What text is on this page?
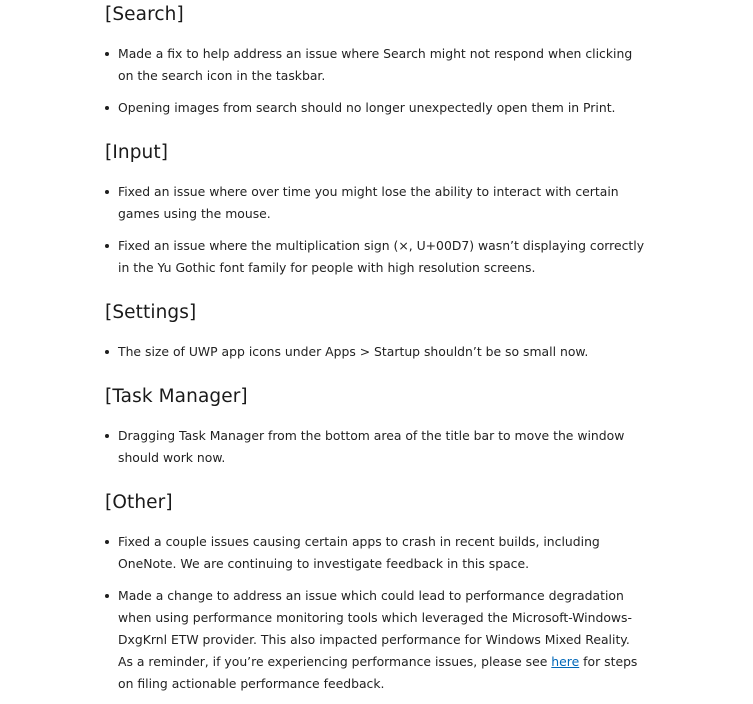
[Search]
Made a fix to help address an issue where Search might not respond when clicking on the search icon in the taskbar.
Opening images from search should no longer unexpectedly open them in Print.
[Input]
Fixed an issue where over time you might lose the ability to interact with certain games using the mouse.
Fixed an issue where the multiplication sign (×, U+00D7) wasn’t displaying correctly in the Yu Gothic font family for people with high resolution screens.
[Settings]
The size of UWP app icons under Apps > Startup shouldn’t be so small now.
[Task Manager]
Dragging Task Manager from the bottom area of the title bar to move the window should work now.
[Other]
Fixed a couple issues causing certain apps to crash in recent builds, including OneNote. We are continuing to investigate feedback in this space.
Made a change to address an issue which could lead to performance degradation when using performance monitoring tools which leveraged the Microsoft-Windows-DxgKrnl ETW provider. This also impacted performance for Windows Mixed Reality. As a reminder, if you’re experiencing performance issues, please see here for steps on filing actionable performance feedback.
